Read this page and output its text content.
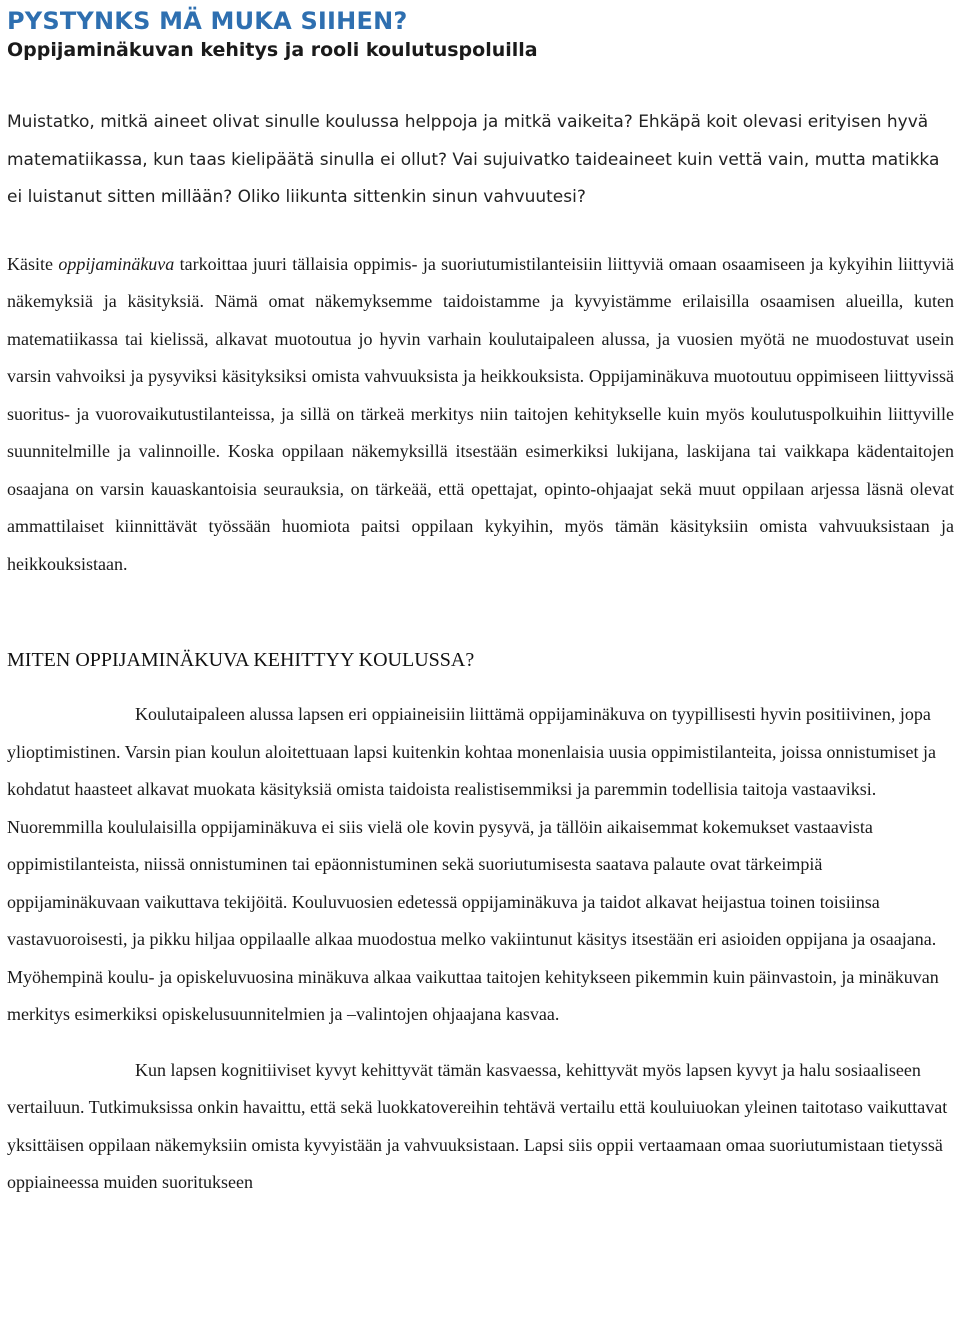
PYSTYNKS MÄ MUKA SIIHEN?
Oppijaminäkuvan kehitys ja rooli koulutuspoluilla

Muistatko, mitkä aineet olivat sinulle koulussa helppoja ja mitkä vaikeita? Ehkäpä koit olevasi erityisen hyvä matematiikassa, kun taas kielipäätä sinulla ei ollut? Vai sujuivatko taideaineet kuin vettä vain, mutta matikka ei luistanut sitten millään? Oliko liikunta sittenkin sinun vahvuutesi?

Käsite oppijaminäkuva tarkoittaa juuri tällaisia oppimis- ja suoriutumistilanteisiin liittyviä omaan osaamiseen ja kykyihin liittyviä näkemyksiä ja käsityksiä. Nämä omat näkemyksemme taidoistamme ja kyvyistämme erilaisilla osaamisen alueilla, kuten matematiikassa tai kielissä, alkavat muotoutua jo hyvin varhain koulutaipaleen alussa, ja vuosien myötä ne muodostuvat usein varsin vahvoiksi ja pysyviksi käsityksiksi omista vahvuuksista ja heikkouksista. Oppijaminäkuva muotoutuu oppimiseen liittyvissä suoritus- ja vuorovaikutustilanteissa, ja sillä on tärkeä merkitys niin taitojen kehitykselle kuin myös koulutuspolkuihin liittyville suunnitelmille ja valinnoille. Koska oppilaan näkemyksillä itsestään esimerkiksi lukijana, laskijana tai vaikkapa kädentaitojen osaajana on varsin kauaskantoisia seurauksia, on tärkeää, että opettajat, opinto-ohjaajat sekä muut oppilaan arjessa läsnä olevat ammattilaiset kiinnittävät työssään huomiota paitsi oppilaan kykyihin, myös tämän käsityksiin omista vahvuuksistaan ja heikkouksistaan.

MITEN OPPIJAMINÄKUVA KEHITTYY KOULUSSA?

Koulutaipaleen alussa lapsen eri oppiaineisiin liittämä oppijaminäkuva on tyypillisesti hyvin positiivinen, jopa ylioptimistinen. Varsin pian koulun aloitettuaan lapsi kuitenkin kohtaa monenlaisia uusia oppimistilanteita, joissa onnistumiset ja kohdatut haasteet alkavat muokata käsityksiä omista taidoista realistisemmiksi ja paremmin todellisia taitoja vastaaviksi. Nuoremmilla koululaisilla oppijaminäkuva ei siis vielä ole kovin pysyvä, ja tällöin aikaisemmat kokemukset vastaavista oppimistilanteista, niissä onnistuminen tai epäonnistuminen sekä suoriutumisesta saatava palaute ovat tärkeimpiä oppijaminäkuvaan vaikuttava tekijöitä. Kouluvuosien edetessä oppijaminäkuva ja taidot alkavat heijastua toinen toisiinsa vastavuoroisesti, ja pikku hiljaa oppilaalle alkaa muodostua melko vakiintunut käsitys itsestään eri asioiden oppijana ja osaajana. Myöhempinä koulu- ja opiskeluvuosina minäkuva alkaa vaikuttaa taitojen kehitykseen pikemmin kuin päinvastoin, ja minäkuvan merkitys esimerkiksi opiskelusuunnitelmien ja –valintojen ohjaajana kasvaa.

Kun lapsen kognitiiviset kyvyt kehittyvät tämän kasvaessa, kehittyvät myös lapsen kyvyt ja halu sosiaaliseen vertailuun. Tutkimuksissa onkin havaittu, että sekä luokkatovereihin tehtävä vertailu että kouluiuokan yleinen taitotaso vaikuttavat yksittäisen oppilaan näkemyksiin omista kyvyistään ja vahvuuksistaan. Lapsi siis oppii vertaamaan omaa suoriutumistaan tietyssä oppiaineessa muiden suoritukseen
